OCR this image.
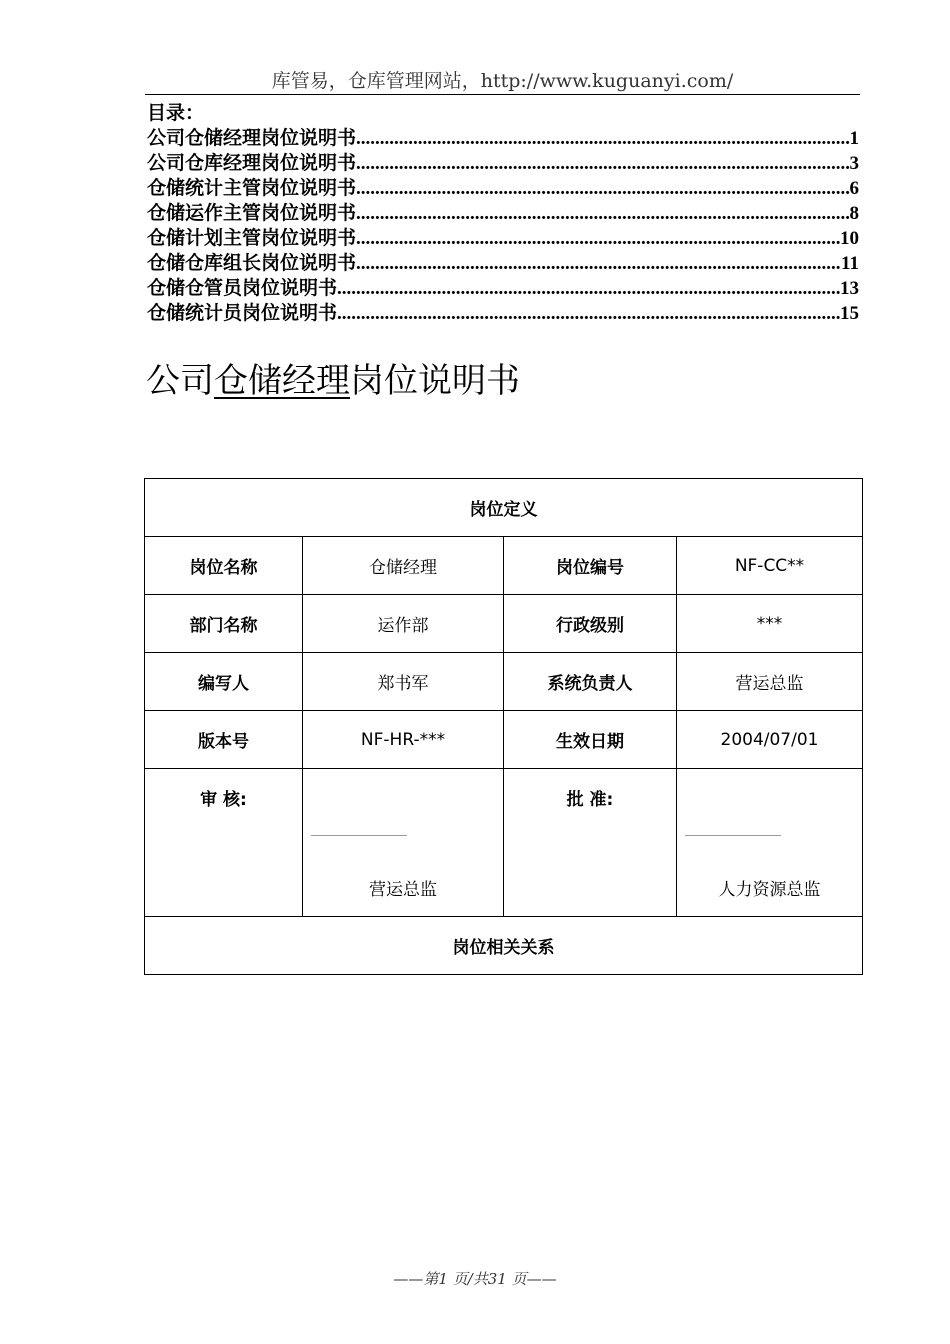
库管易，仓库管理网站，http://www.kuguanyi.com/
目录：
公司仓储经理岗位说明书 .....	1
公司仓库经理岗位说明书 .....	3
仓储统计主管岗位说明书 .....	6
仓储运作主管岗位说明书 .....	8
仓储计划主管岗位说明书 .....	10
仓储仓库组长岗位说明书 .....	11
仓储仓管员岗位说明书 .....	13
仓储统计员岗位说明书 .....	15
公司仓储经理岗位说明书
岗位定义			
岗位名称	仓储经理	岗位编号	NF-CC**
部门名称	运作部	行政级别	***
编写人	郑书军	系统负责人	营运总监
版本号	NF-HR-***	生效日期	2004/07/01

审 核:	营运总监	批 准:	人力资源总监

岗位相关关系			
——第1 页/共31 页——
